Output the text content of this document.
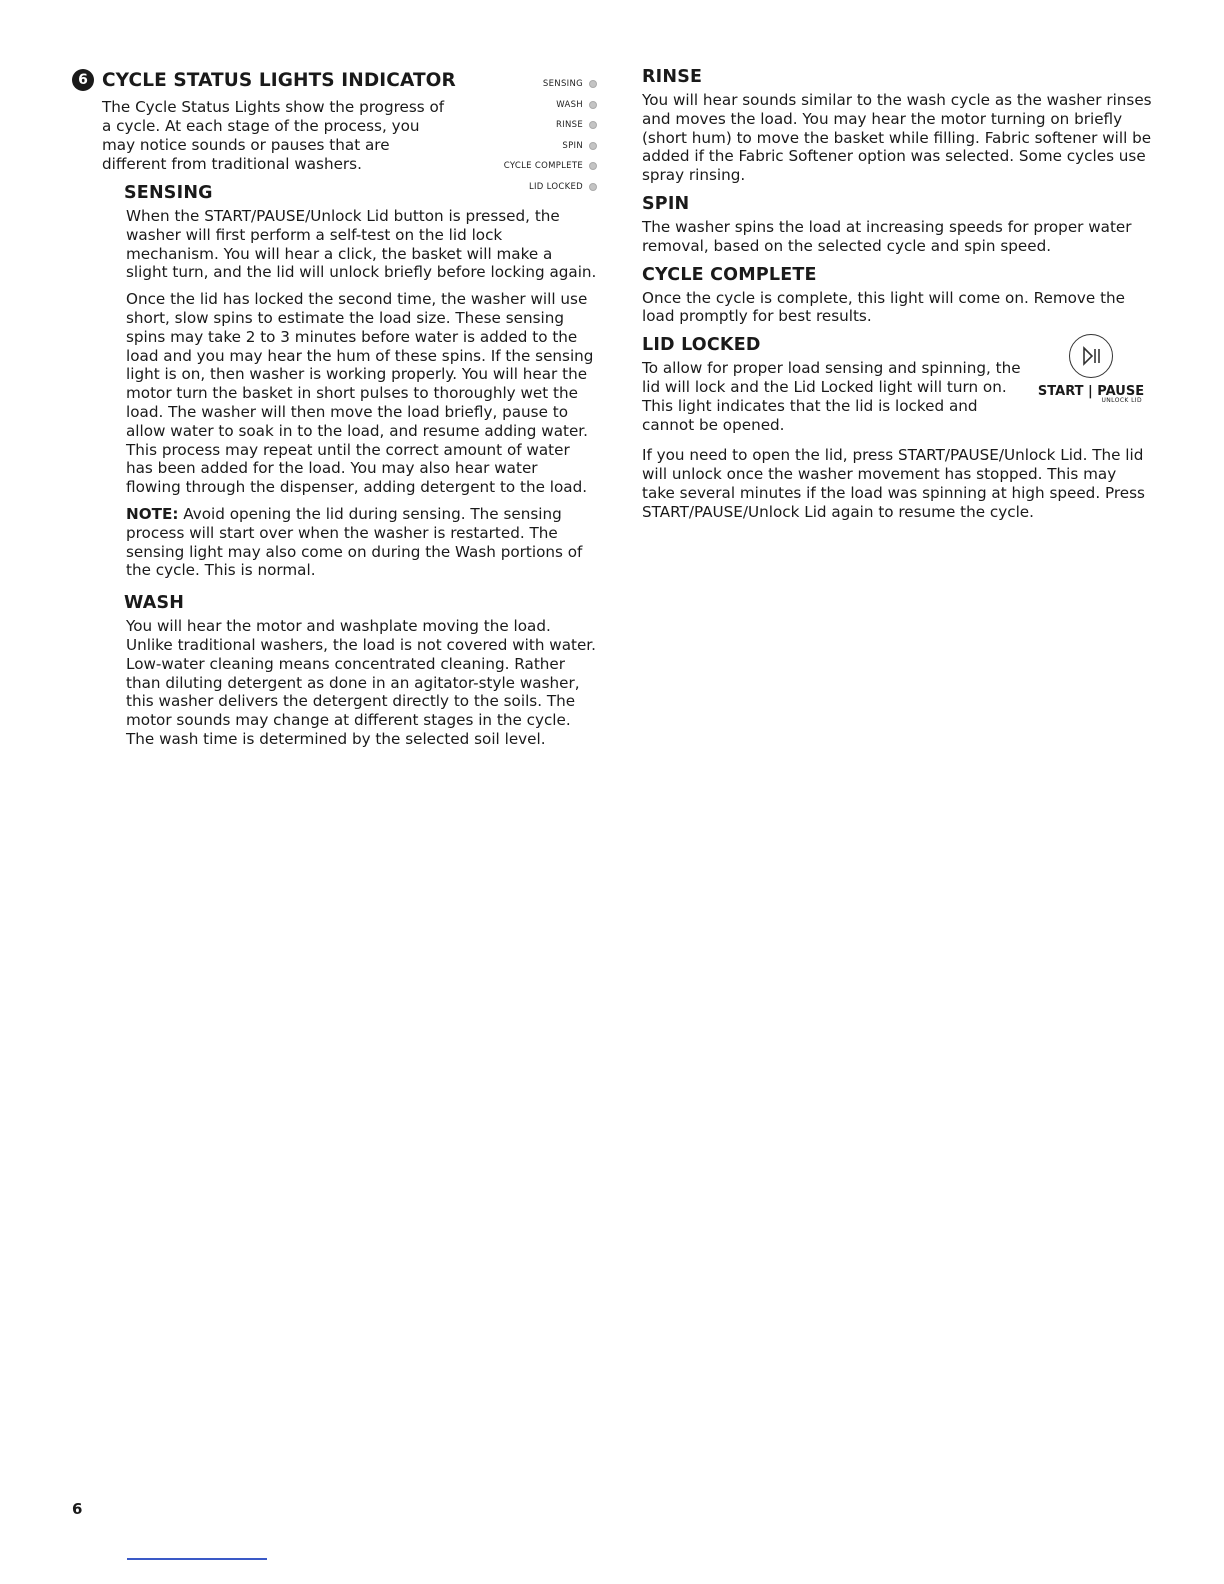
6 CYCLE STATUS LIGHTS INDICATOR

The Cycle Status Lights show the progress of a cycle. At each stage of the process, you may notice sounds or pauses that are different from traditional washers.

SENSING
WASH
RINSE
SPIN
CYCLE COMPLETE
LID LOCKED
SENSING

When the START/PAUSE/Unlock Lid button is pressed, the washer will first perform a self-test on the lid lock mechanism. You will hear a click, the basket will make a slight turn, and the lid will unlock briefly before locking again.

Once the lid has locked the second time, the washer will use short, slow spins to estimate the load size. These sensing spins may take 2 to 3 minutes before water is added to the load and you may hear the hum of these spins. If the sensing light is on, then washer is working properly. You will hear the motor turn the basket in short pulses to thoroughly wet the load. The washer will then move the load briefly, pause to allow water to soak in to the load, and resume adding water. This process may repeat until the correct amount of water has been added for the load. You may also hear water flowing through the dispenser, adding detergent to the load.

NOTE: Avoid opening the lid during sensing. The sensing process will start over when the washer is restarted. The sensing light may also come on during the Wash portions of the cycle. This is normal.

WASH

You will hear the motor and washplate moving the load. Unlike traditional washers, the load is not covered with water. Low-water cleaning means concentrated cleaning. Rather than diluting detergent as done in an agitator-style washer, this washer delivers the detergent directly to the soils. The motor sounds may change at different stages in the cycle. The wash time is determined by the selected soil level.

RINSE

You will hear sounds similar to the wash cycle as the washer rinses and moves the load. You may hear the motor turning on briefly (short hum) to move the basket while filling. Fabric softener will be added if the Fabric Softener option was selected. Some cycles use spray rinsing.

SPIN

The washer spins the load at increasing speeds for proper water removal, based on the selected cycle and spin speed.

CYCLE COMPLETE

Once the cycle is complete, this light will come on. Remove the load promptly for best results.

LID LOCKED

To allow for proper load sensing and spinning, the lid will lock and the Lid Locked light will turn on. This light indicates that the lid is locked and cannot be opened.

START | PAUSE
UNLOCK LID

If you need to open the lid, press START/PAUSE/Unlock Lid. The lid will unlock once the washer movement has stopped. This may take several minutes if the load was spinning at high speed. Press START/PAUSE/Unlock Lid again to resume the cycle.

6
